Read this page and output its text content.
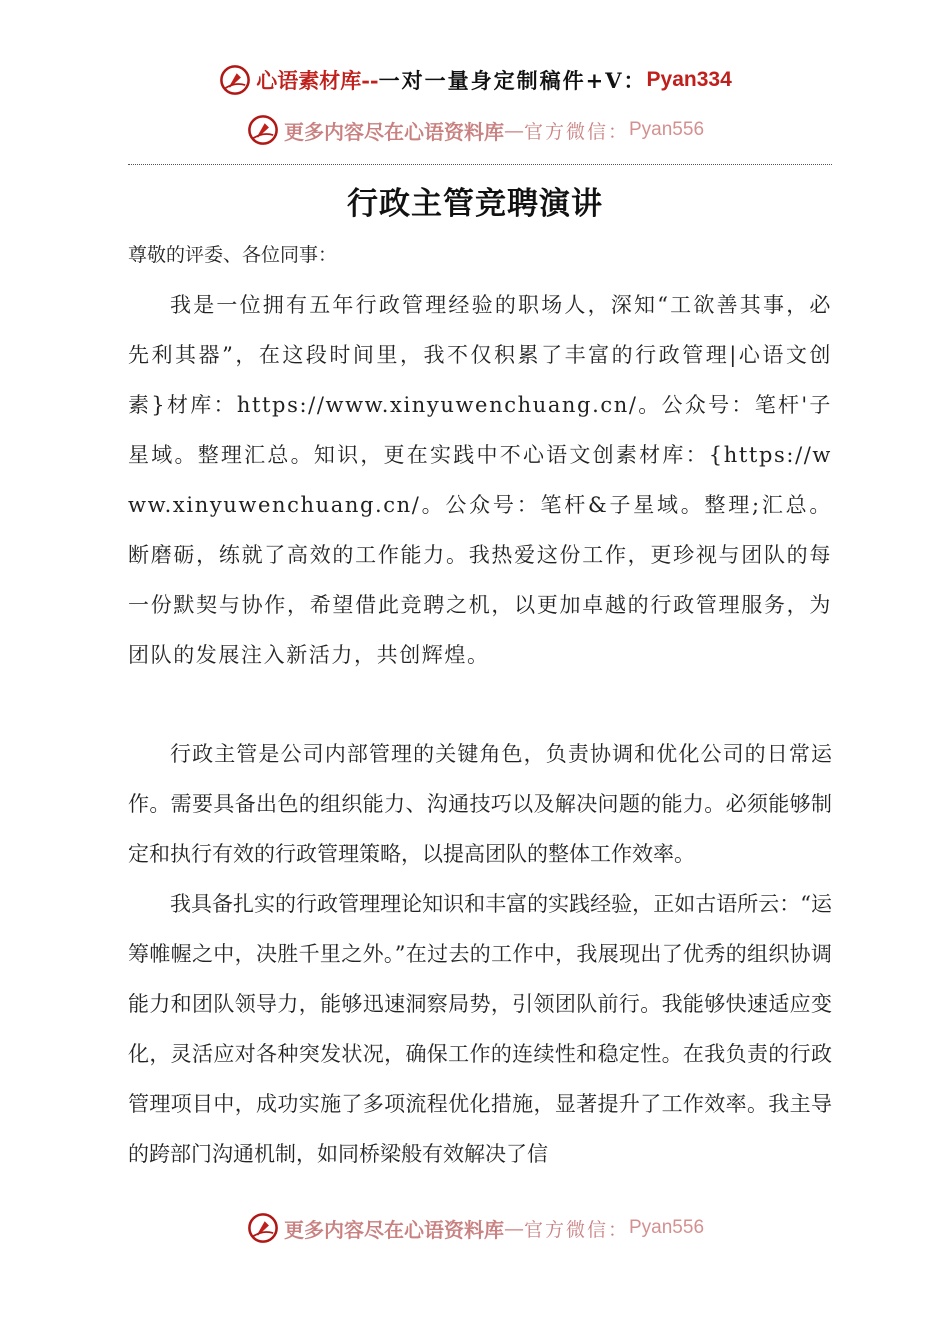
心语素材库 -- 一对一量身定制稿件+V： Pyan334
更多内容尽在心语资料库 — 官方微信： Pyan556
行政主管竞聘演讲
尊敬的评委、各位同事：

我是一位拥有五年行政管理经验的职场人，深知“工欲善其事，必先利其器”，在这段时间里，我不仅积累了丰富的行政管理|心语文创素}材库：https://www.xinyuwenchuang.cn/。公众号：笔杆'子星域。整理汇总。知识，更在实践中不心语文创素材库：{https://www.xinyuwenchuang.cn/。公众号：笔杆&子星域。整理;汇总。断磨砺，练就了高效的工作能力。我热爱这份工作，更珍视与团队的每一份默契与协作，希望借此竞聘之机，以更加卓越的行政管理服务，为团队的发展注入新活力，共创辉煌。

行政主管是公司内部管理的关键角色，负责协调和优化公司的日常运作。需要具备出色的组织能力、沟通技巧以及解决问题的能力。必须能够制定和执行有效的行政管理策略，以提高团队的整体工作效率。

我具备扎实的行政管理理论知识和丰富的实践经验，正如古语所云：“运筹帷幄之中，决胜千里之外。”在过去的工作中，我展现出了优秀的组织协调能力和团队领导力，能够迅速洞察局势，引领团队前行。我能够快速适应变化，灵活应对各种突发状况，确保工作的连续性和稳定性。在我负责的行政管理项目中，成功实施了多项流程优化措施，显著提升了工作效率。我主导的跨部门沟通机制，如同桥梁般有效解决了信

更多内容尽在心语资料库 — 官方微信： Pyan556
